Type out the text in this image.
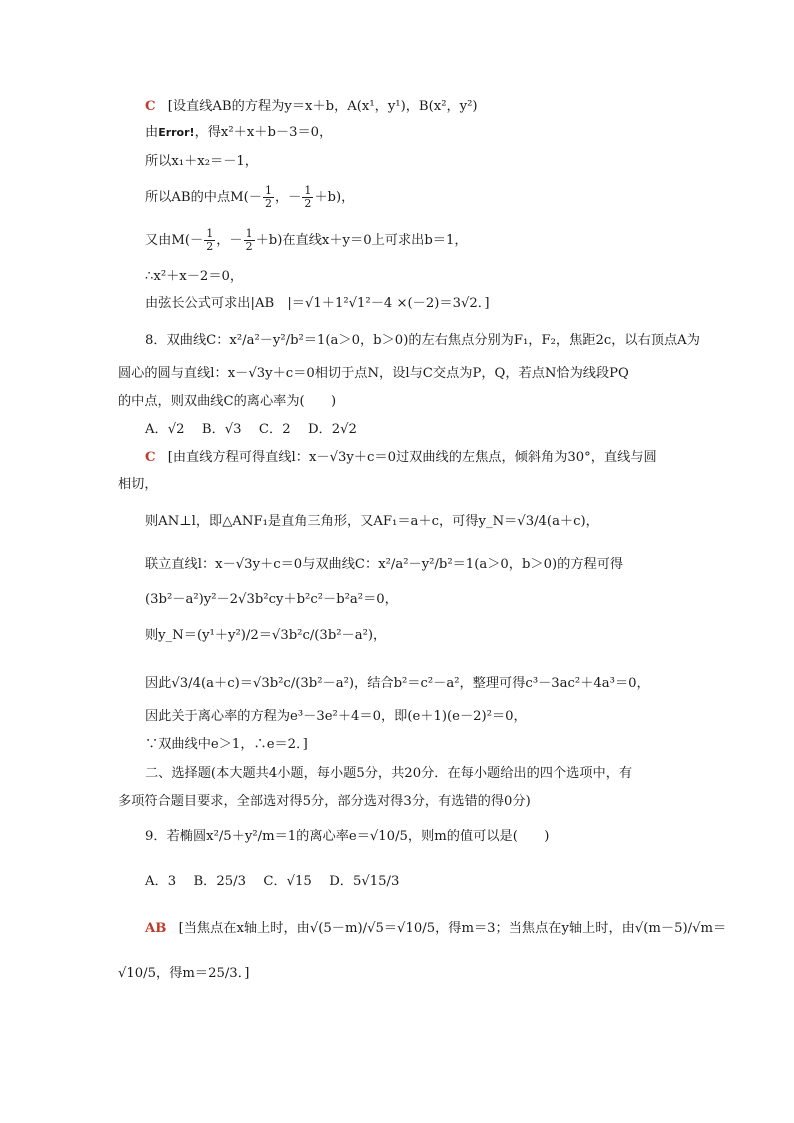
C [设直线AB的方程为y＝x＋b，A(x¹，y¹)，B(x²，y²)
由Error!，得x²＋x＋b－3＝0，
所以x₁＋x₂＝－1，
所以AB的中点$M(- \frac{1}{2}$ ，－ $\frac{1}{2} +b$)，
又由$M(- \frac{1}{2}$ ，－ $\frac{1}{2} +b$)在直线x＋y＝0上可求出b＝1，
∴x²＋x－2＝0，
由弦长公式可求出|AB　|＝√1＋1²√1²－4 ×(－2)＝3√2．]
8．双曲线C：x²/a²－y²/b²＝1(a＞0，b＞0)的左右焦点分别为F₁，F₂，焦距2c，以右顶点A为
圆心的圆与直线l：x－√3y＋c＝0相切于点N，设l与C交点为P，Q，若点N恰为线段PQ
的中点，则双曲线C的离心率为(　　)
A．√2　 B．√3　 C．2　 D．2√2
C [由直线方程可得直线l：x－√3y＋c＝0过双曲线的左焦点，倾斜角为30°，直线与圆
相切，
则AN⊥l，即△ANF₁是直角三角形，又AF₁＝a＋c，可得y_N＝√3/4(a＋c)，
联立直线l：x－√3y＋c＝0与双曲线C：x²/a²－y²/b²＝1(a＞0，b＞0)的方程可得
(3b²－a²)y²－2√3b²cy＋b²c²－b²a²＝0，
则y_N＝(y¹＋y²)/2＝√3b²c/(3b²－a²)，
因此√3/4(a＋c)＝√3b²c/(3b²－a²)，结合b²＝c²－a²，整理可得c³－3ac²＋4a³＝0，
因此关于离心率的方程为e³－3e²＋4＝0，即(e＋1)(e－2)²＝0，
∵双曲线中e＞1，∴e＝2．]
二、选择题(本大题共4小题，每小题5分，共20分．在每小题给出的四个选项中，有
多项符合题目要求，全部选对得5分，部分选对得3分，有选错的得0分)
9．若椭圆x²/5＋y²/m＝1的离心率e＝√10/5，则m的值可以是(　　)
A．3　 B．25/3　 C．√15　 D．5√15/3
AB [当焦点在x轴上时，由√(5－m)/√5＝√10/5，得m＝3；当焦点在y轴上时，由√(m－5)/√m＝
√10/5，得m＝25/3．]
